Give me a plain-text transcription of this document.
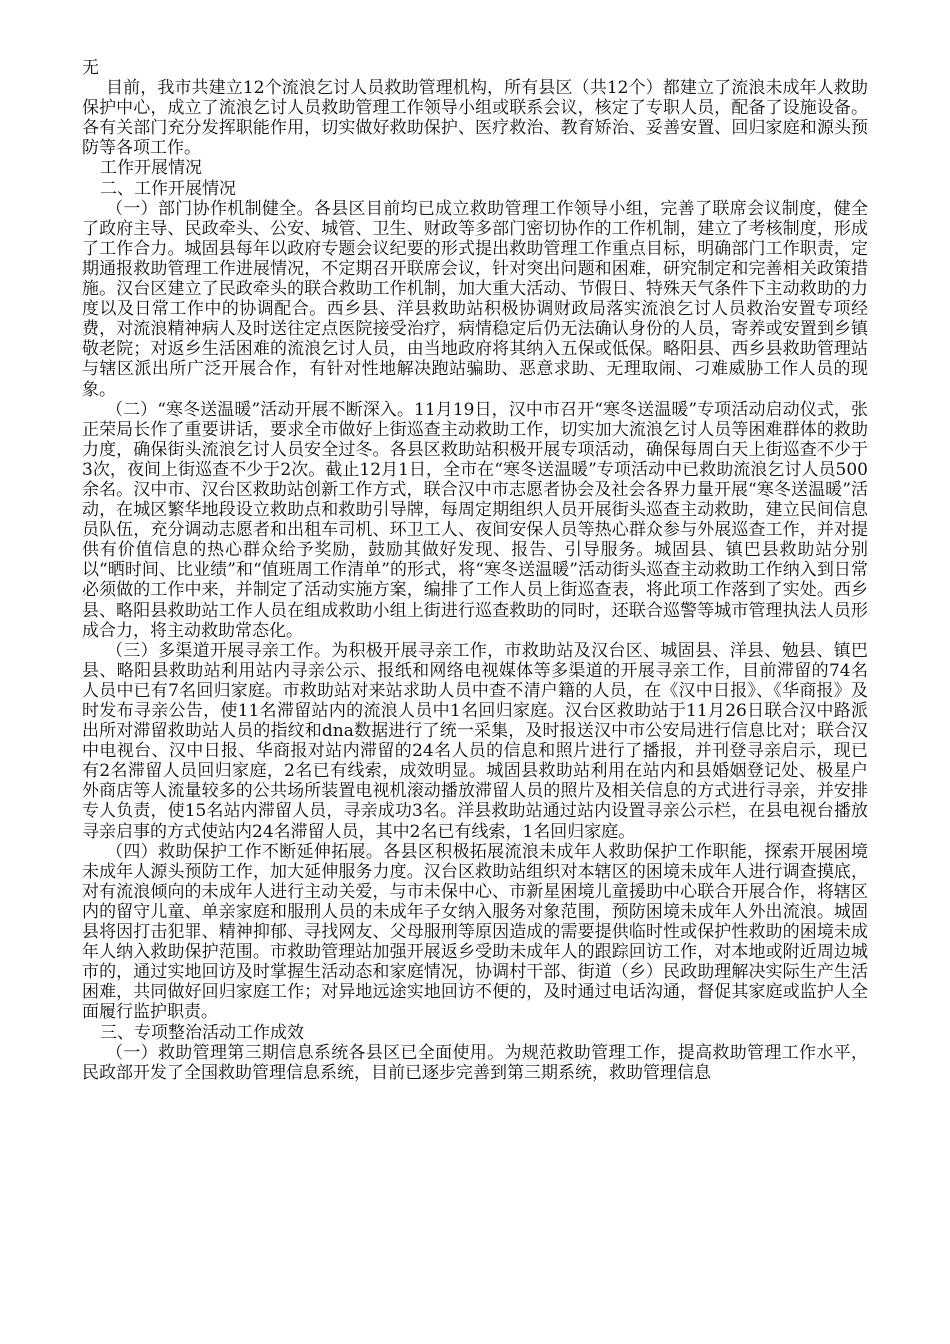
无

目前，我市共建立12个流浪乞讨人员救助管理机构，所有县区（共12个）都建立了流浪未成年人救助保护中心，成立了流浪乞讨人员救助管理工作领导小组或联系会议，核定了专职人员，配备了设施设备。各有关部门充分发挥职能作用，切实做好救助保护、医疗救治、教育矫治、妥善安置、回归家庭和源头预防等各项工作。

工作开展情况

二、工作开展情况

（一）部门协作机制健全。各县区目前均已成立救助管理工作领导小组，完善了联席会议制度，健全了政府主导、民政牵头、公安、城管、卫生、财政等多部门密切协作的工作机制，建立了考核制度，形成了工作合力。城固县每年以政府专题会议纪要的形式提出救助管理工作重点目标，明确部门工作职责，定期通报救助管理工作进展情况，不定期召开联席会议，针对突出问题和困难，研究制定和完善相关政策措施。汉台区建立了民政牵头的联合救助工作机制，加大重大活动、节假日、特殊天气条件下主动救助的力度以及日常工作中的协调配合。西乡县、洋县救助站积极协调财政局落实流浪乞讨人员救治安置专项经费，对流浪精神病人及时送往定点医院接受治疗，病情稳定后仍无法确认身份的人员，寄养或安置到乡镇敬老院；对返乡生活困难的流浪乞讨人员，由当地政府将其纳入五保或低保。略阳县、西乡县救助管理站与辖区派出所广泛开展合作，有针对性地解决跑站骗助、恶意求助、无理取闹、刁难威胁工作人员的现象。

（二）“寒冬送温暖”活动开展不断深入。11月19日，汉中市召开“寒冬送温暖”专项活动启动仪式，张正荣局长作了重要讲话，要求全市做好上街巡查主动救助工作，切实加大流浪乞讨人员等困难群体的救助力度，确保街头流浪乞讨人员安全过冬。各县区救助站积极开展专项活动，确保每周白天上街巡查不少于3次，夜间上街巡查不少于2次。截止12月1日，全市在“寒冬送温暖”专项活动中已救助流浪乞讨人员500余名。汉中市、汉台区救助站创新工作方式，联合汉中市志愿者协会及社会各界力量开展“寒冬送温暖”活动，在城区繁华地段设立救助点和救助引导牌，每周定期组织人员开展街头巡查主动救助，建立民间信息员队伍，充分调动志愿者和出租车司机、环卫工人、夜间安保人员等热心群众参与外展巡查工作，并对提供有价值信息的热心群众给予奖励，鼓励其做好发现、报告、引导服务。城固县、镇巴县救助站分别以“晒时间、比业绩”和“值班周工作清单”的形式，将“寒冬送温暖”活动街头巡查主动救助工作纳入到日常必须做的工作中来，并制定了活动实施方案，编排了工作人员上街巡查表，将此项工作落到了实处。西乡县、略阳县救助站工作人员在组成救助小组上街进行巡查救助的同时，还联合巡警等城市管理执法人员形成合力，将主动救助常态化。

（三）多渠道开展寻亲工作。为积极开展寻亲工作，市救助站及汉台区、城固县、洋县、勉县、镇巴县、略阳县救助站利用站内寻亲公示、报纸和网络电视媒体等多渠道的开展寻亲工作，目前滞留的74名人员中已有7名回归家庭。市救助站对来站求助人员中查不清户籍的人员，在《汉中日报》、《华商报》及时发布寻亲公告，使11名滞留站内的流浪人员中1名回归家庭。汉台区救助站于11月26日联合汉中路派出所对滞留救助站人员的指纹和dna数据进行了统一采集，及时报送汉中市公安局进行信息比对；联合汉中电视台、汉中日报、华商报对站内滞留的24名人员的信息和照片进行了播报，并刊登寻亲启示，现已有2名滞留人员回归家庭，2名已有线索，成效明显。城固县救助站利用在站内和县婚姻登记处、极星户外商店等人流量较多的公共场所装置电视机滚动播放滞留人员的照片及相关信息的方式进行寻亲，并安排专人负责，使15名站内滞留人员，寻亲成功3名。洋县救助站通过站内设置寻亲公示栏，在县电视台播放寻亲启事的方式使站内24名滞留人员，其中2名已有线索，1名回归家庭。

（四）救助保护工作不断延伸拓展。各县区积极拓展流浪未成年人救助保护工作职能，探索开展困境未成年人源头预防工作，加大延伸服务力度。汉台区救助站组织对本辖区的困境未成年人进行调查摸底，对有流浪倾向的未成年人进行主动关爱，与市未保中心、市新星困境儿童援助中心联合开展合作，将辖区内的留守儿童、单亲家庭和服刑人员的未成年子女纳入服务对象范围，预防困境未成年人外出流浪。城固县将因打击犯罪、精神抑郁、寻找网友、父母服刑等原因造成的需要提供临时性或保护性救助的困境未成年人纳入救助保护范围。市救助管理站加强开展返乡受助未成年人的跟踪回访工作，对本地或附近周边城市的，通过实地回访及时掌握生活动态和家庭情况，协调村干部、街道（乡）民政助理解决实际生产生活困难，共同做好回归家庭工作；对异地远途实地回访不便的，及时通过电话沟通，督促其家庭或监护人全面履行监护职责。

三、专项整治活动工作成效

（一）救助管理第三期信息系统各县区已全面使用。为规范救助管理工作，提高救助管理工作水平，民政部开发了全国救助管理信息系统，目前已逐步完善到第三期系统，救助管理信息
